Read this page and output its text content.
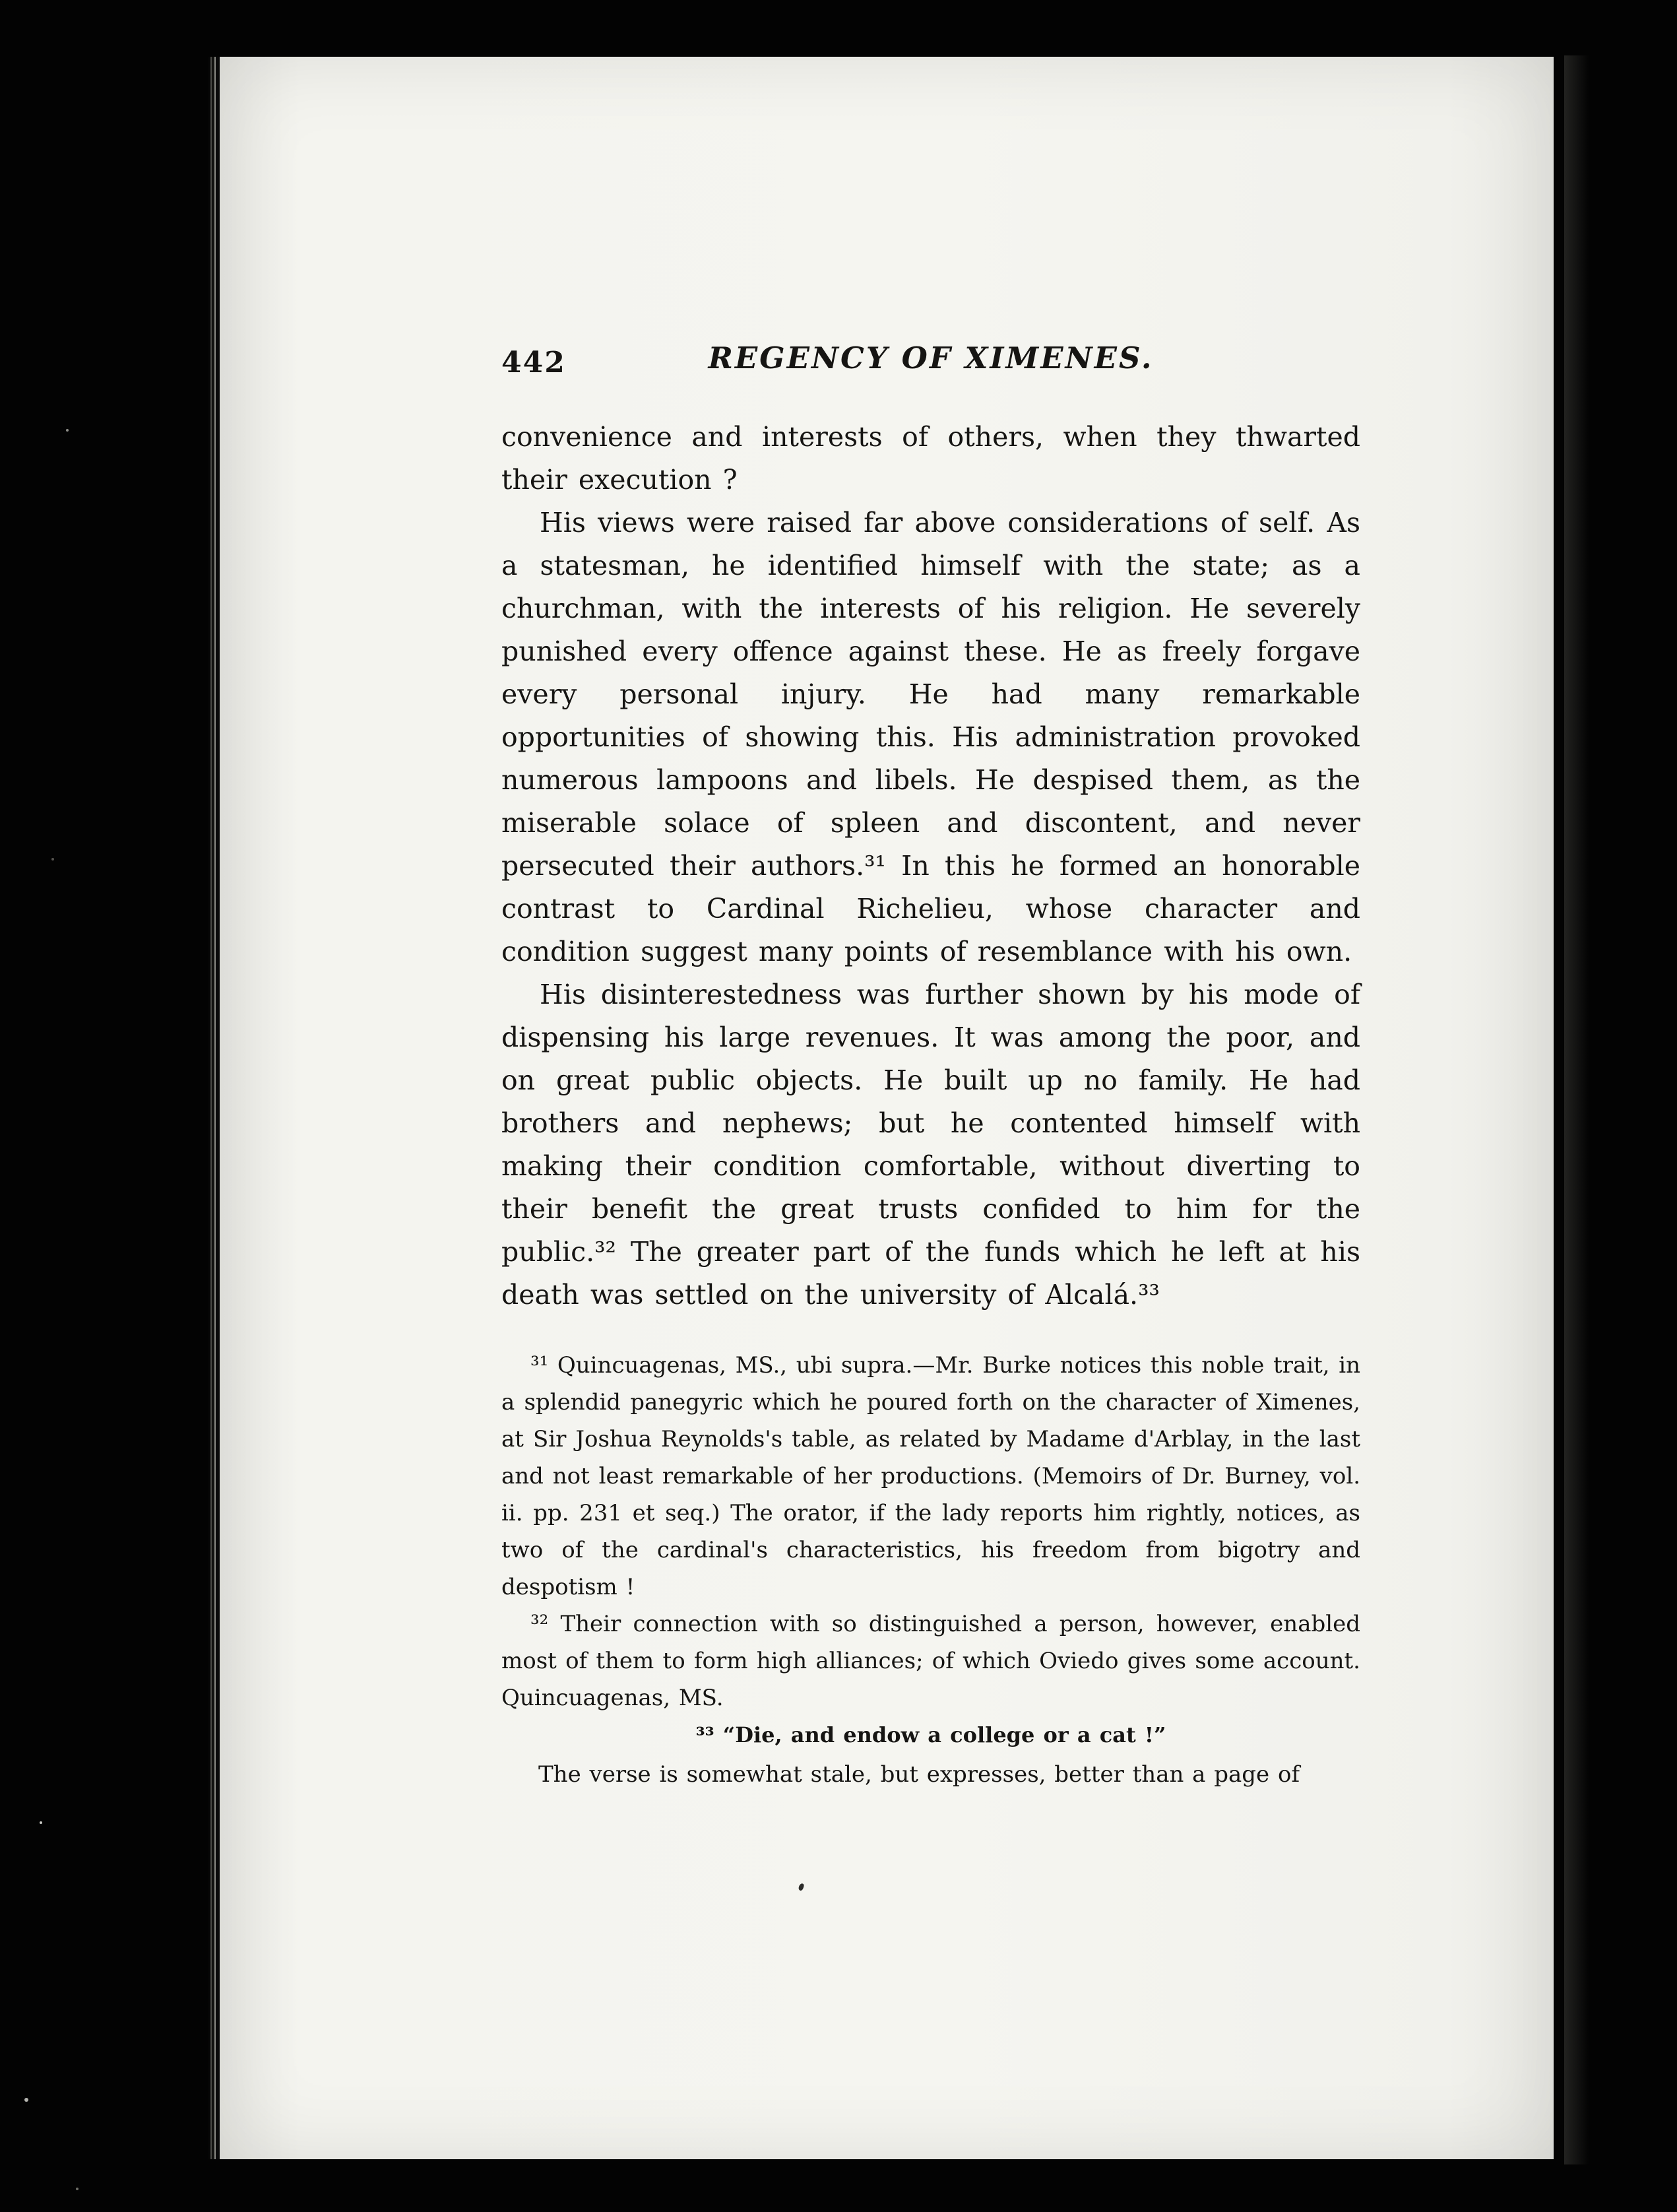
442	REGENCY OF XIMENES.

convenience and interests of others, when they thwarted their execution ?

His views were raised far above considerations of self. As a statesman, he identified himself with the state; as a churchman, with the interests of his religion. He severely punished every offence against these. He as freely forgave every personal injury. He had many remarkable opportunities of showing this. His administration provoked numerous lampoons and libels. He despised them, as the miserable solace of spleen and discontent, and never persecuted their authors.³¹ In this he formed an honorable contrast to Cardinal Richelieu, whose character and condition suggest many points of resemblance with his own.

His disinterestedness was further shown by his mode of dispensing his large revenues. It was among the poor, and on great public objects. He built up no family. He had brothers and nephews; but he contented himself with making their condition comfortable, without diverting to their benefit the great trusts confided to him for the public.³² The greater part of the funds which he left at his death was settled on the university of Alcalá.³³

³¹ Quincuagenas, MS., ubi supra.—Mr. Burke notices this noble trait, in a splendid panegyric which he poured forth on the character of Ximenes, at Sir Joshua Reynolds's table, as related by Madame d'Arblay, in the last and not least remarkable of her productions. (Memoirs of Dr. Burney, vol. ii. pp. 231 et seq.) The orator, if the lady reports him rightly, notices, as two of the cardinal's characteristics, his freedom from bigotry and despotism !

³² Their connection with so distinguished a person, however, enabled most of them to form high alliances; of which Oviedo gives some account. Quincuagenas, MS.

³³ “Die, and endow a college or a cat !”

The verse is somewhat stale, but expresses, better than a page of
